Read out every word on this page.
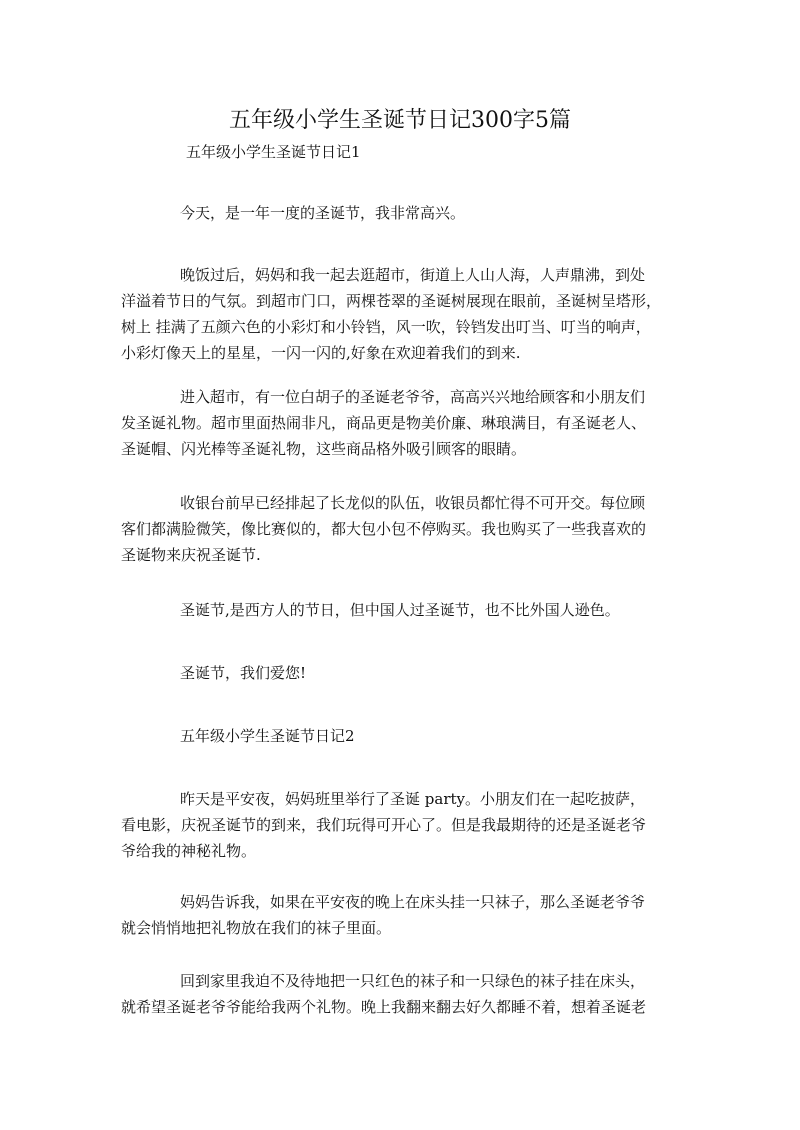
五年级小学生圣诞节日记300字5篇
五年级小学生圣诞节日记1

今天，是一年一度的圣诞节，我非常高兴。

晚饭过后，妈妈和我一起去逛超市，街道上人山人海，人声鼎沸，到处
洋溢着节日的气氛。到超市门口，两棵苍翠的圣诞树展现在眼前，圣诞树呈塔形，
树上 挂满了五颜六色的小彩灯和小铃铛，风一吹，铃铛发出叮当、叮当的响声，
小彩灯像天上的星星，一闪一闪的,好象在欢迎着我们的到来.

进入超市，有一位白胡子的圣诞老爷爷，高高兴兴地给顾客和小朋友们
发圣诞礼物。超市里面热闹非凡，商品更是物美价廉、琳琅满目，有圣诞老人、
圣诞帽、闪光棒等圣诞礼物，这些商品格外吸引顾客的眼睛。

收银台前早已经排起了长龙似的队伍，收银员都忙得不可开交。每位顾
客们都满脸微笑，像比赛似的，都大包小包不停购买。我也购买了一些我喜欢的
圣诞物来庆祝圣诞节.

圣诞节,是西方人的节日，但中国人过圣诞节，也不比外国人逊色。

圣诞节，我们爱您!

五年级小学生圣诞节日记2

昨天是平安夜，妈妈班里举行了圣诞 party。小朋友们在一起吃披萨，
看电影，庆祝圣诞节的到来，我们玩得可开心了。但是我最期待的还是圣诞老爷
爷给我的神秘礼物。

妈妈告诉我，如果在平安夜的晚上在床头挂一只袜子，那么圣诞老爷爷
就会悄悄地把礼物放在我们的袜子里面。

回到家里我迫不及待地把一只红色的袜子和一只绿色的袜子挂在床头，
就希望圣诞老爷爷能给我两个礼物。晚上我翻来翻去好久都睡不着，想着圣诞老
